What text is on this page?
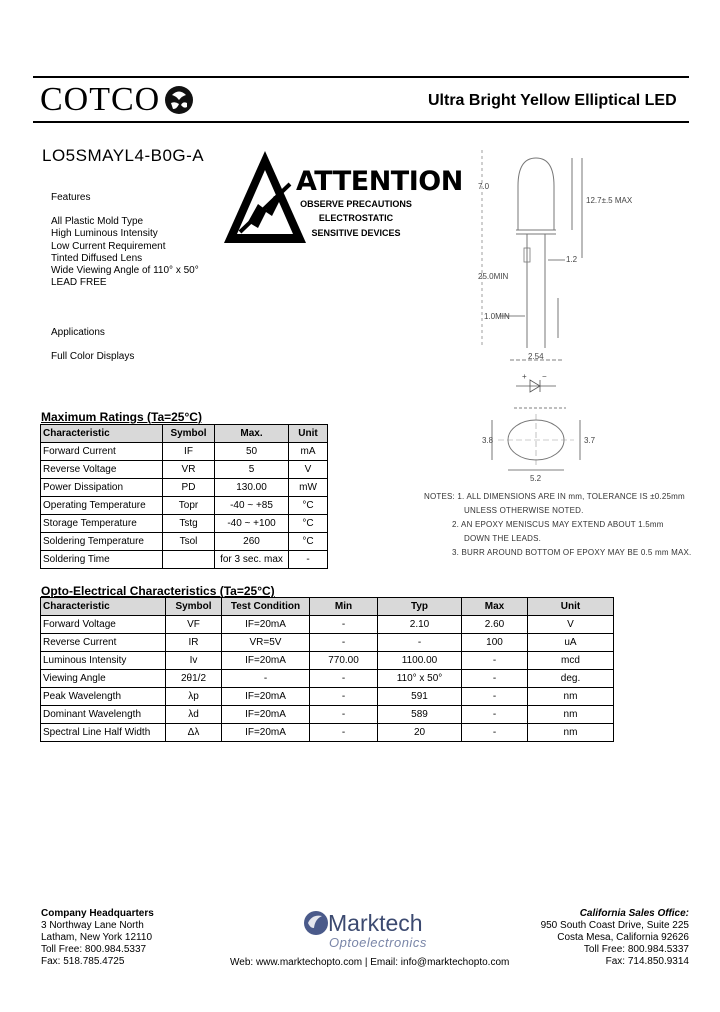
COTCO	Ultra Bright Yellow Elliptical LED
LO5SMAYL4-B0G-A
ATTENTION
OBSERVE PRECAUTIONS
ELECTROSTATIC
SENSITIVE DEVICES
Features
All Plastic Mold Type
High Luminous Intensity
Low Current Requirement
Tinted Diffused Lens
Wide Viewing Angle of 110° x 50°
LEAD FREE
Applications
Full Color Displays
7.0
12.7±.5 MAX
1.2
25.0MIN
1.0MIN
2.54
+ −
3.8	3.7
5.2
NOTES: 1. ALL DIMENSIONS ARE IN mm, TOLERANCE IS ±0.25mm
UNLESS OTHERWISE NOTED.
2. AN EPOXY MENISCUS MAY EXTEND ABOUT 1.5mm
DOWN THE LEADS.
3. BURR AROUND BOTTOM OF EPOXY MAY BE 0.5 mm MAX.
Maximum Ratings (Ta=25°C)
Characteristic	Symbol	Max.	Unit
Forward Current	IF	50	mA
Reverse Voltage	VR	5	V
Power Dissipation	PD	130.00	mW
Operating Temperature	Topr	-40 ~ +85	°C
Storage Temperature	Tstg	-40 ~ +100	°C
Soldering Temperature	Tsol	260	°C
Soldering Time		for 3 sec. max	-
Opto-Electrical Characteristics (Ta=25°C)
Characteristic	Symbol	Test Condition	Min	Typ	Max	Unit
Forward Voltage	VF	IF=20mA	-	2.10	2.60	V
Reverse Current	IR	VR=5V	-	-	100	uA
Luminous Intensity	Iv	IF=20mA	770.00	1100.00	-	mcd
Viewing Angle	2θ1/2	-	-	110° x 50°	-	deg.
Peak Wavelength	λp	IF=20mA	-	591	-	nm
Dominant Wavelength	λd	IF=20mA	-	589	-	nm
Spectral Line Half Width	Δλ	IF=20mA	-	20	-	nm
Company Headquarters
3 Northway Lane North
Latham, New York 12110
Toll Free: 800.984.5337
Fax: 518.785.4725
Marktech
Optoelectronics
Web: www.marktechopto.com | Email: info@marktechopto.com
California Sales Office:
950 South Coast Drive, Suite 225
Costa Mesa, California 92626
Toll Free: 800.984.5337
Fax: 714.850.9314
